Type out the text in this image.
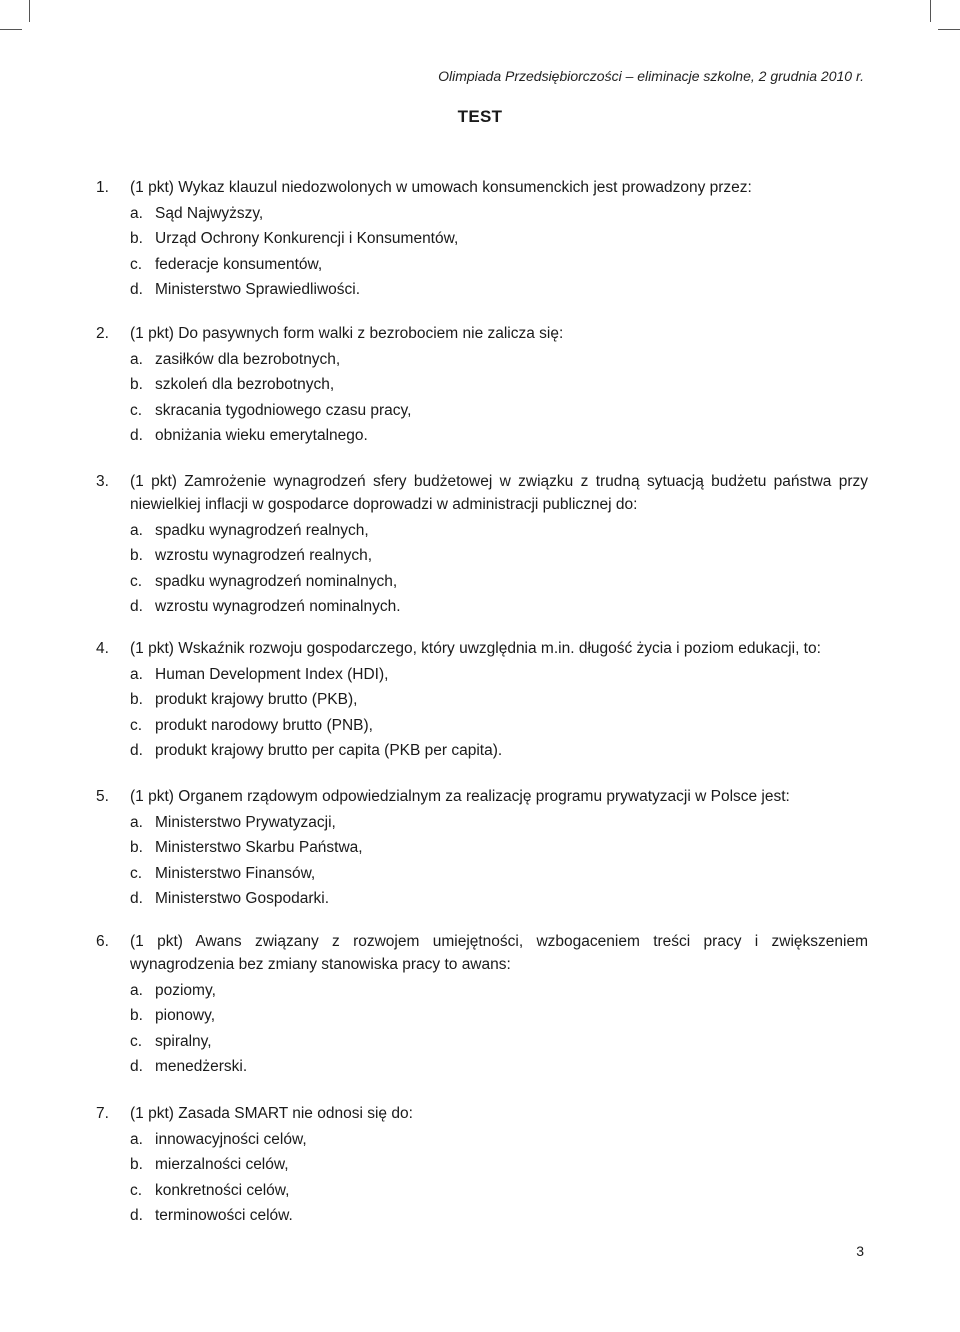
Olimpiada Przedsiębiorczości – eliminacje szkolne, 2 grudnia 2010 r.
TEST
1.	(1 pkt) Wykaz klauzul niedozwolonych w umowach konsumenckich jest prowadzony przez:
a. Sąd Najwyższy,
b. Urząd Ochrony Konkurencji i Konsumentów,
c. federacje konsumentów,
d. Ministerstwo Sprawiedliwości.
2.	(1 pkt) Do pasywnych form walki z bezrobociem nie zalicza się:
a. zasiłków dla bezrobotnych,
b. szkoleń dla bezrobotnych,
c. skracania tygodniowego czasu pracy,
d. obniżania wieku emerytalnego.
3.	(1 pkt) Zamrożenie wynagrodzeń sfery budżetowej w związku z trudną sytuacją budżetu państwa przy niewielkiej inflacji w gospodarce doprowadzi w administracji publicznej do:
a. spadku wynagrodzeń realnych,
b. wzrostu wynagrodzeń realnych,
c. spadku wynagrodzeń nominalnych,
d. wzrostu wynagrodzeń nominalnych.
4.	(1 pkt) Wskaźnik rozwoju gospodarczego, który uwzględnia m.in. długość życia i poziom edukacji, to:
a. Human Development Index (HDI),
b. produkt krajowy brutto (PKB),
c. produkt narodowy brutto (PNB),
d. produkt krajowy brutto per capita (PKB per capita).
5.	(1 pkt) Organem rządowym odpowiedzialnym za realizację programu prywatyzacji w Polsce jest:
a. Ministerstwo Prywatyzacji,
b. Ministerstwo Skarbu Państwa,
c. Ministerstwo Finansów,
d. Ministerstwo Gospodarki.
6.	(1 pkt) Awans związany z rozwojem umiejętności, wzbogaceniem treści pracy i zwiększeniem wynagrodzenia bez zmiany stanowiska pracy to awans:
a. poziomy,
b. pionowy,
c. spiralny,
d. menedżerski.
7.	(1 pkt) Zasada SMART nie odnosi się do:
a. innowacyjności celów,
b. mierzalności celów,
c. konkretności celów,
d. terminowości celów.
3
